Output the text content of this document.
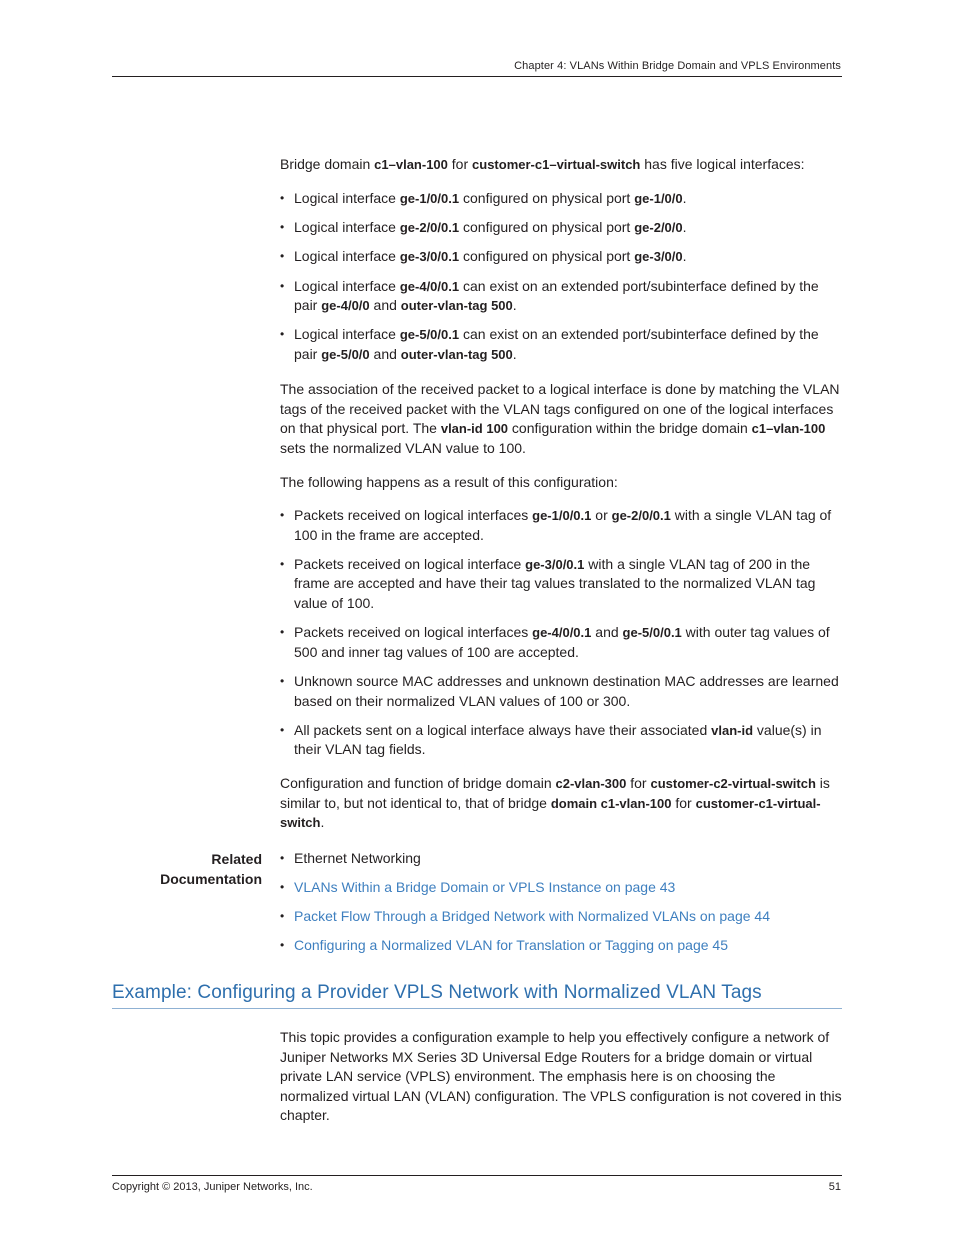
Chapter 4: VLANs Within Bridge Domain and VPLS Environments

Bridge domain c1–vlan-100 for customer-c1–virtual-switch has five logical interfaces:

• Logical interface ge-1/0/0.1 configured on physical port ge-1/0/0.
• Logical interface ge-2/0/0.1 configured on physical port ge-2/0/0.
• Logical interface ge-3/0/0.1 configured on physical port ge-3/0/0.
• Logical interface ge-4/0/0.1 can exist on an extended port/subinterface defined by the pair ge-4/0/0 and outer-vlan-tag 500.
• Logical interface ge-5/0/0.1 can exist on an extended port/subinterface defined by the pair ge-5/0/0 and outer-vlan-tag 500.

The association of the received packet to a logical interface is done by matching the VLAN tags of the received packet with the VLAN tags configured on one of the logical interfaces on that physical port. The vlan-id 100 configuration within the bridge domain c1–vlan-100 sets the normalized VLAN value to 100.

The following happens as a result of this configuration:

• Packets received on logical interfaces ge-1/0/0.1 or ge-2/0/0.1 with a single VLAN tag of 100 in the frame are accepted.
• Packets received on logical interface ge-3/0/0.1 with a single VLAN tag of 200 in the frame are accepted and have their tag values translated to the normalized VLAN tag value of 100.
• Packets received on logical interfaces ge-4/0/0.1 and ge-5/0/0.1 with outer tag values of 500 and inner tag values of 100 are accepted.
• Unknown source MAC addresses and unknown destination MAC addresses are learned based on their normalized VLAN values of 100 or 300.
• All packets sent on a logical interface always have their associated vlan-id value(s) in their VLAN tag fields.

Configuration and function of bridge domain c2-vlan-300 for customer-c2-virtual-switch is similar to, but not identical to, that of bridge domain c1-vlan-100 for customer-c1-virtual-switch.

Related
Documentation
• Ethernet Networking
• VLANs Within a Bridge Domain or VPLS Instance on page 43
• Packet Flow Through a Bridged Network with Normalized VLANs on page 44
• Configuring a Normalized VLAN for Translation or Tagging on page 45
Example: Configuring a Provider VPLS Network with Normalized VLAN Tags

This topic provides a configuration example to help you effectively configure a network of Juniper Networks MX Series 3D Universal Edge Routers for a bridge domain or virtual private LAN service (VPLS) environment. The emphasis here is on choosing the normalized virtual LAN (VLAN) configuration. The VPLS configuration is not covered in this chapter.

Copyright © 2013, Juniper Networks, Inc.	51
